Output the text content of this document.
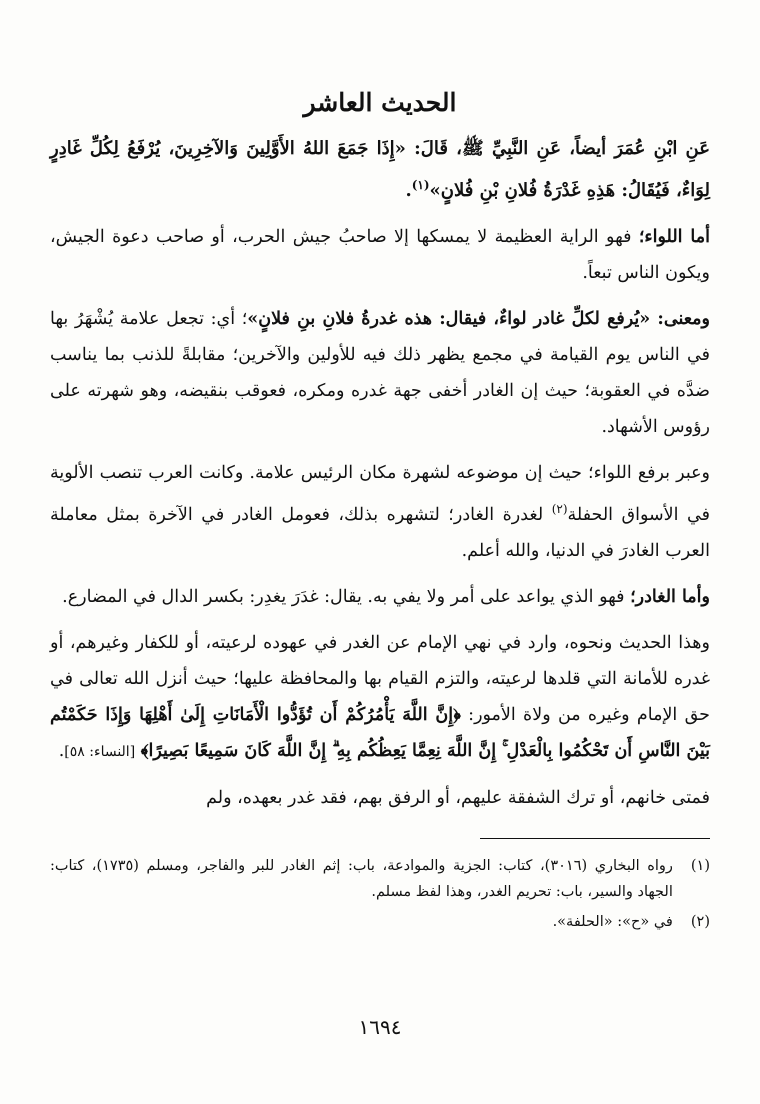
الحديث العاشر

عَنِ ابْنِ عُمَرَ أيضاً، عَنِ النَّبِيِّ ﷺ، قَالَ: «إِذَا جَمَعَ اللهُ الأَوَّلِينَ وَالآخِرِينَ، يُرْفَعُ لِكُلِّ غَادِرٍ لِوَاءٌ، فَيُقَالُ: هَذِهِ غَدْرَةُ فُلانِ بْنِ فُلانٍ»$^{(١)}$.

أما اللواء؛ فهو الراية العظيمة لا يمسكها إلا صاحبُ جيش الحرب، أو صاحب دعوة الجيش، ويكون الناس تبعاً.

ومعنى: «يُرفع لكلِّ غادر لواءٌ، فيقال: هذه غدرةُ فلانِ بنِ فلانٍ»؛ أي: تجعل علامة يُشْهَرُ بها في الناس يوم القيامة في مجمع يظهر ذلك فيه للأولين والآخرين؛ مقابلةً للذنب بما يناسب ضدَّه في العقوبة؛ حيث إن الغادر أخفى جهة غدره ومكره، فعوقب بنقيضه، وهو شهرته على رؤوس الأشهاد.

وعبر برفع اللواء؛ حيث إن موضوعه لشهرة مكان الرئيس علامة. وكانت العرب تنصب الألوية في الأسواق الحفلة$^{(٢)}$ لغدرة الغادر؛ لتشهره بذلك، فعومل الغادر في الآخرة بمثل معاملة العرب الغادرَ في الدنيا، والله أعلم.

وأما الغادر؛ فهو الذي يواعد على أمر ولا يفي به. يقال: غدَرَ يغدِر: بكسر الدال في المضارع.

وهذا الحديث ونحوه، وارد في نهي الإمام عن الغدر في عهوده لرعيته، أو للكفار وغيرهم، أو غدره للأمانة التي قلدها لرعيته، والتزم القيام بها والمحافظة عليها؛ حيث أنزل الله تعالى في حق الإمام وغيره من ولاة الأمور: ﴿إِنَّ اللَّهَ يَأْمُرُكُمْ أَن تُؤَدُّوا الْأَمَانَاتِ إِلَىٰ أَهْلِهَا وَإِذَا حَكَمْتُم بَيْنَ النَّاسِ أَن تَحْكُمُوا بِالْعَدْلِ ۚ إِنَّ اللَّهَ نِعِمَّا يَعِظُكُم بِهِ ۗ إِنَّ اللَّهَ كَانَ سَمِيعًا بَصِيرًا﴾ [النساء: ٥٨].

فمتى خانهم، أو ترك الشفقة عليهم، أو الرفق بهم، فقد غدر بعهده، ولم

(١)
رواه البخاري (٣٠١٦)، كتاب: الجزية والموادعة، باب: إثم الغادر للبر والفاجر، ومسلم (١٧٣٥)، كتاب: الجهاد والسير، باب: تحريم الغدر، وهذا لفظ مسلم.
(٢)
في «ح»: «الحلفة».
١٦٩٤
